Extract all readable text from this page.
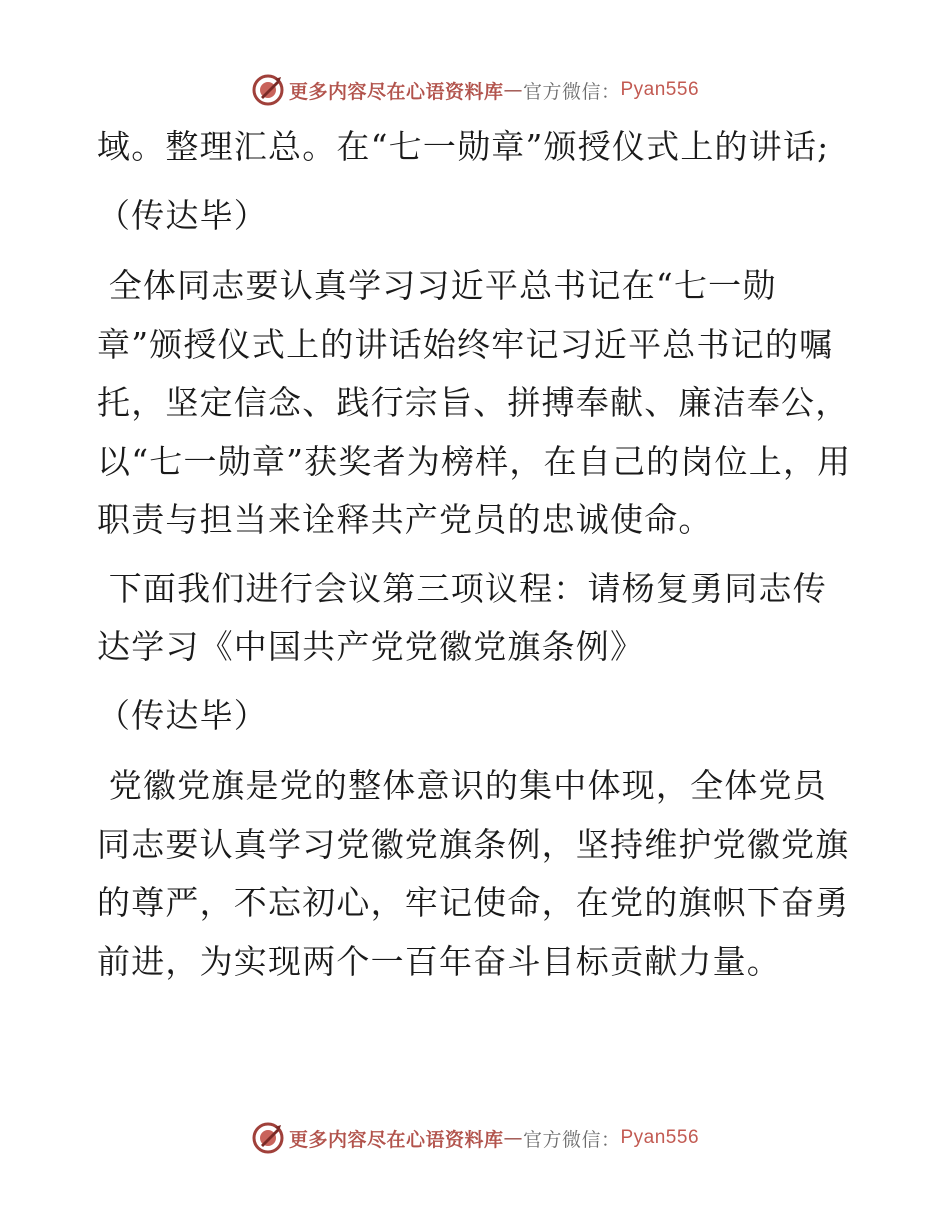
更多内容尽在心语资料库 — 官方微信： Pyan556

域。整理汇总。在“七一勋章”颁授仪式上的讲话;

（传达毕）

全体同志要认真学习习近平总书记在“七一勋章”颁授仪式上的讲话始终牢记习近平总书记的嘱托，坚定信念、践行宗旨、拼搏奉献、廉洁奉公，以“七一勋章”获奖者为榜样，在自己的岗位上，用职责与担当来诠释共产党员的忠诚使命。

下面我们进行会议第三项议程：请杨复勇同志传达学习《中国共产党党徽党旗条例》

（传达毕）

党徽党旗是党的整体意识的集中体现，全体党员同志要认真学习党徽党旗条例，坚持维护党徽党旗的尊严，不忘初心，牢记使命，在党的旗帜下奋勇前进，为实现两个一百年奋斗目标贡献力量。

更多内容尽在心语资料库 — 官方微信： Pyan556
